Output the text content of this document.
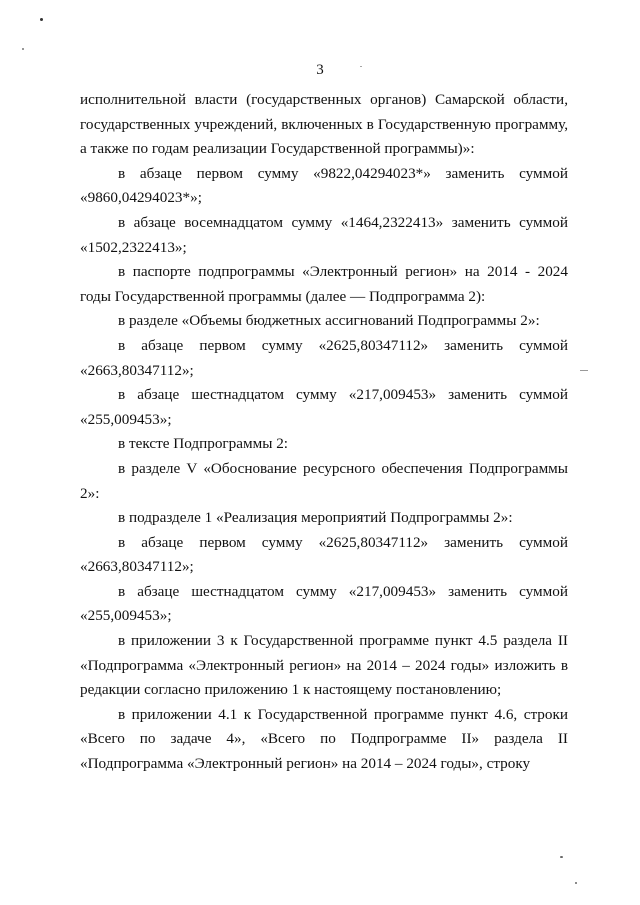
3

исполнительной власти (государственных органов) Самарской области, государственных учреждений, включенных в Государственную программу, а также по годам реализации Государственной программы)»:

в абзаце первом сумму «9822,04294023*» заменить суммой «9860,04294023*»;

в абзаце восемнадцатом сумму «1464,2322413» заменить суммой «1502,2322413»;

в паспорте подпрограммы «Электронный регион» на 2014 - 2024 годы Государственной программы (далее — Подпрограмма 2):

в разделе «Объемы бюджетных ассигнований Подпрограммы 2»:

в абзаце первом сумму «2625,80347112» заменить суммой «2663,80347112»;

в абзаце шестнадцатом сумму «217,009453» заменить суммой «255,009453»;

в тексте Подпрограммы 2:

в разделе V «Обоснование ресурсного обеспечения Подпрограммы 2»:

в подразделе 1 «Реализация мероприятий Подпрограммы 2»:

в абзаце первом сумму «2625,80347112» заменить суммой «2663,80347112»;

в абзаце шестнадцатом сумму «217,009453» заменить суммой «255,009453»;

в приложении 3 к Государственной программе пункт 4.5 раздела II «Подпрограмма «Электронный регион» на 2014 – 2024 годы» изложить в редакции согласно приложению 1 к настоящему постановлению;

в приложении 4.1 к Государственной программе пункт 4.6, строки «Всего по задаче 4», «Всего по Подпрограмме II» раздела II «Подпрограмма «Электронный регион» на 2014 – 2024 годы», строку
